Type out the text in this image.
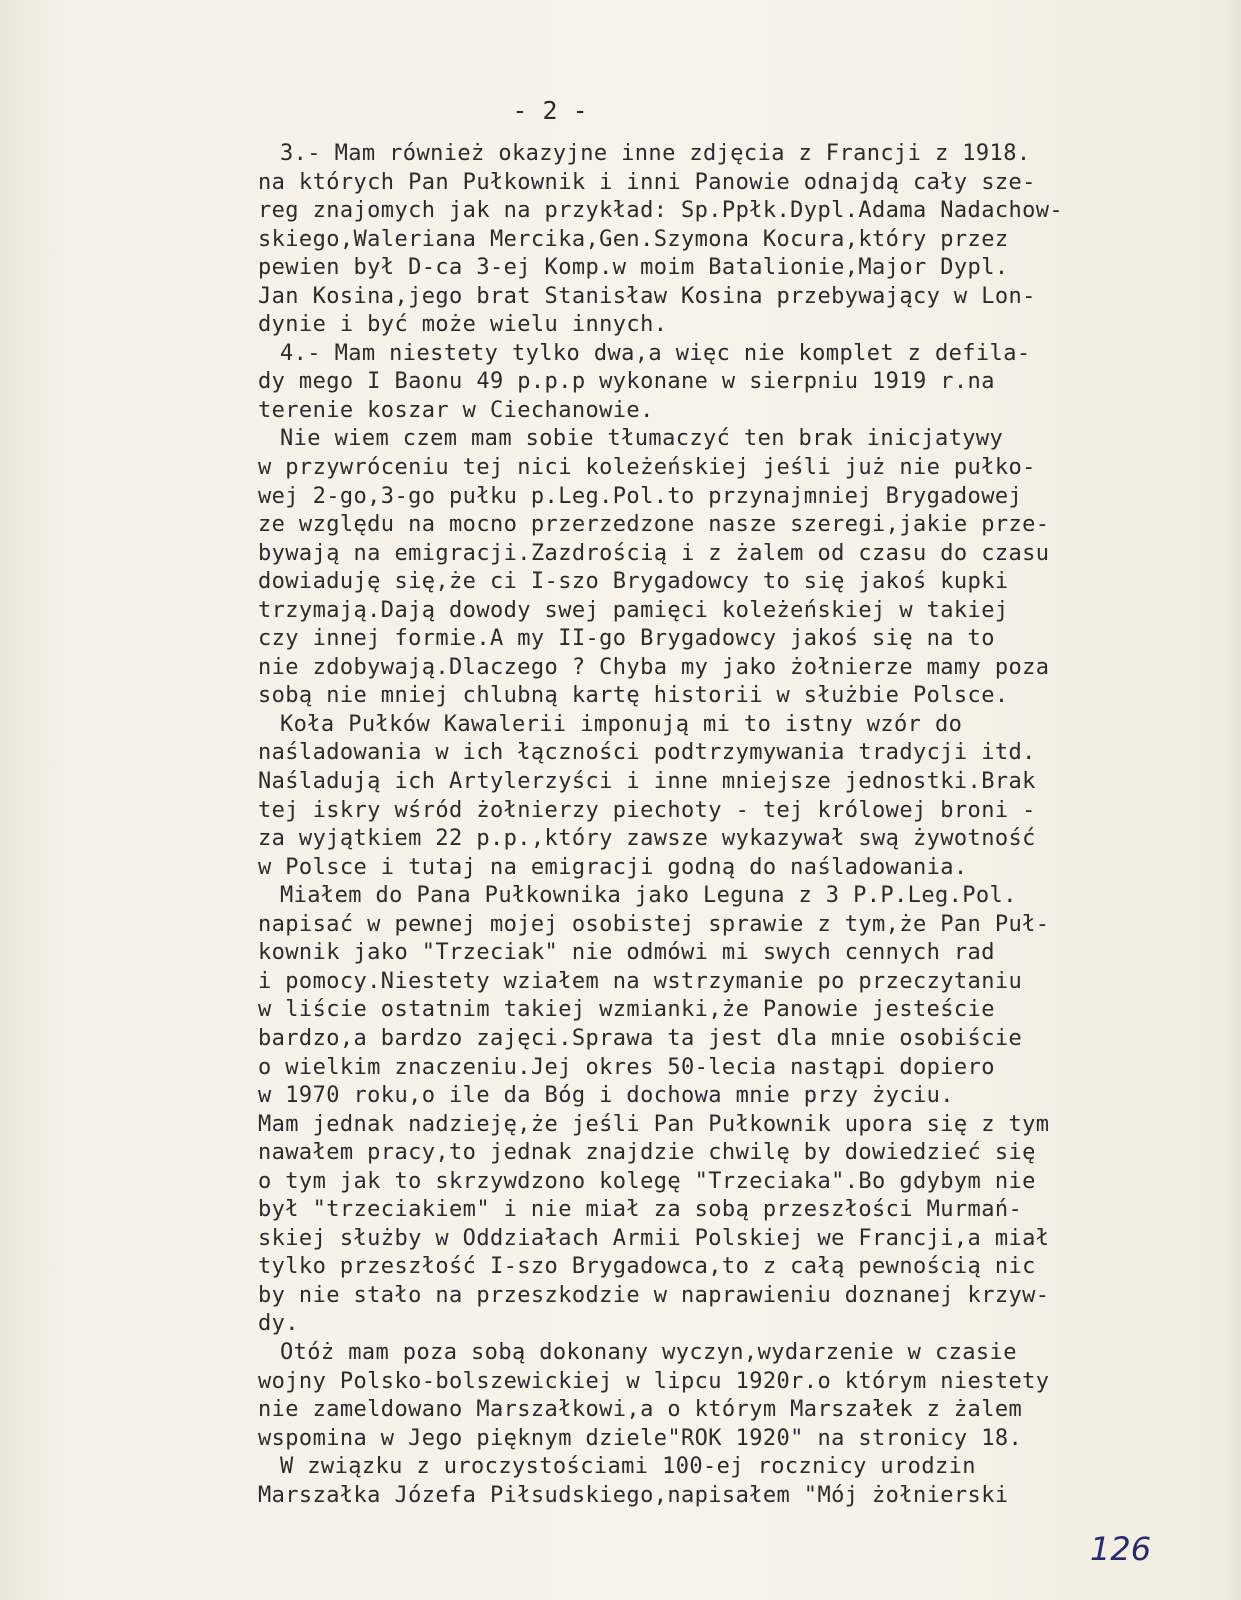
- 2 -
3.- Mam również okazyjne inne zdjęcia z Francji z 1918.
na których Pan Pułkownik i inni Panowie odnajdą cały sze-
reg znajomych jak na przykład: Sp.Ppłk.Dypl.Adama Nadachow-
skiego,Waleriana Mercika,Gen.Szymona Kocura,który przez
pewien był D-ca 3-ej Komp.w moim Batalionie,Major Dypl.
Jan Kosina,jego brat Stanisław Kosina przebywający w Lon-
dynie i być może wielu innych.
4.- Mam niestety tylko dwa,a więc nie komplet z defila-
dy mego I Baonu 49 p.p.p wykonane w sierpniu 1919 r.na
terenie koszar w Ciechanowie.
Nie wiem czem mam sobie tłumaczyć ten brak inicjatywy
w przywróceniu tej nici koleżeńskiej jeśli już nie pułko-
wej 2-go,3-go pułku p.Leg.Pol.to przynajmniej Brygadowej
ze względu na mocno przerzedzone nasze szeregi,jakie prze-
bywają na emigracji.Zazdrością i z żalem od czasu do czasu
dowiaduję się,że ci I-szo Brygadowcy to się jakoś kupki
trzymają.Dają dowody swej pamięci koleżeńskiej w takiej
czy innej formie.A my II-go Brygadowcy jakoś się na to
nie zdobywają.Dlaczego ? Chyba my jako żołnierze mamy poza
sobą nie mniej chlubną kartę historii w służbie Polsce.
Koła Pułków Kawalerii imponują mi to istny wzór do
naśladowania w ich łączności podtrzymywania tradycji itd.
Naśladują ich Artylerzyści i inne mniejsze jednostki.Brak
tej iskry wśród żołnierzy piechoty - tej królowej broni -
za wyjątkiem 22 p.p.,który zawsze wykazywał swą żywotność
w Polsce i tutaj na emigracji godną do naśladowania.
Miałem do Pana Pułkownika jako Leguna z 3 P.P.Leg.Pol.
napisać w pewnej mojej osobistej sprawie z tym,że Pan Puł-
kownik jako "Trzeciak" nie odmówi mi swych cennych rad
i pomocy.Niestety wziałem na wstrzymanie po przeczytaniu
w liście ostatnim takiej wzmianki,że Panowie jesteście
bardzo,a bardzo zajęci.Sprawa ta jest dla mnie osobiście
o wielkim znaczeniu.Jej okres 50-lecia nastąpi dopiero
w 1970 roku,o ile da Bóg i dochowa mnie przy życiu.
Mam jednak nadzieję,że jeśli Pan Pułkownik upora się z tym
nawałem pracy,to jednak znajdzie chwilę by dowiedzieć się
o tym jak to skrzywdzono kolegę "Trzeciaka".Bo gdybym nie
był "trzeciakiem" i nie miał za sobą przeszłości Murmań-
skiej służby w Oddziałach Armii Polskiej we Francji,a miał
tylko przeszłość I-szo Brygadowca,to z całą pewnością nic
by nie stało na przeszkodzie w naprawieniu doznanej krzyw-
dy.
Otóż mam poza sobą dokonany wyczyn,wydarzenie w czasie
wojny Polsko-bolszewickiej w lipcu 1920r.o którym niestety
nie zameldowano Marszałkowi,a o którym Marszałek z żalem
wspomina w Jego pięknym dziele"ROK 1920" na stronicy 18.
W związku z uroczystościami 100-ej rocznicy urodzin
Marszałka Józefa Piłsudskiego,napisałem "Mój żołnierski
126
